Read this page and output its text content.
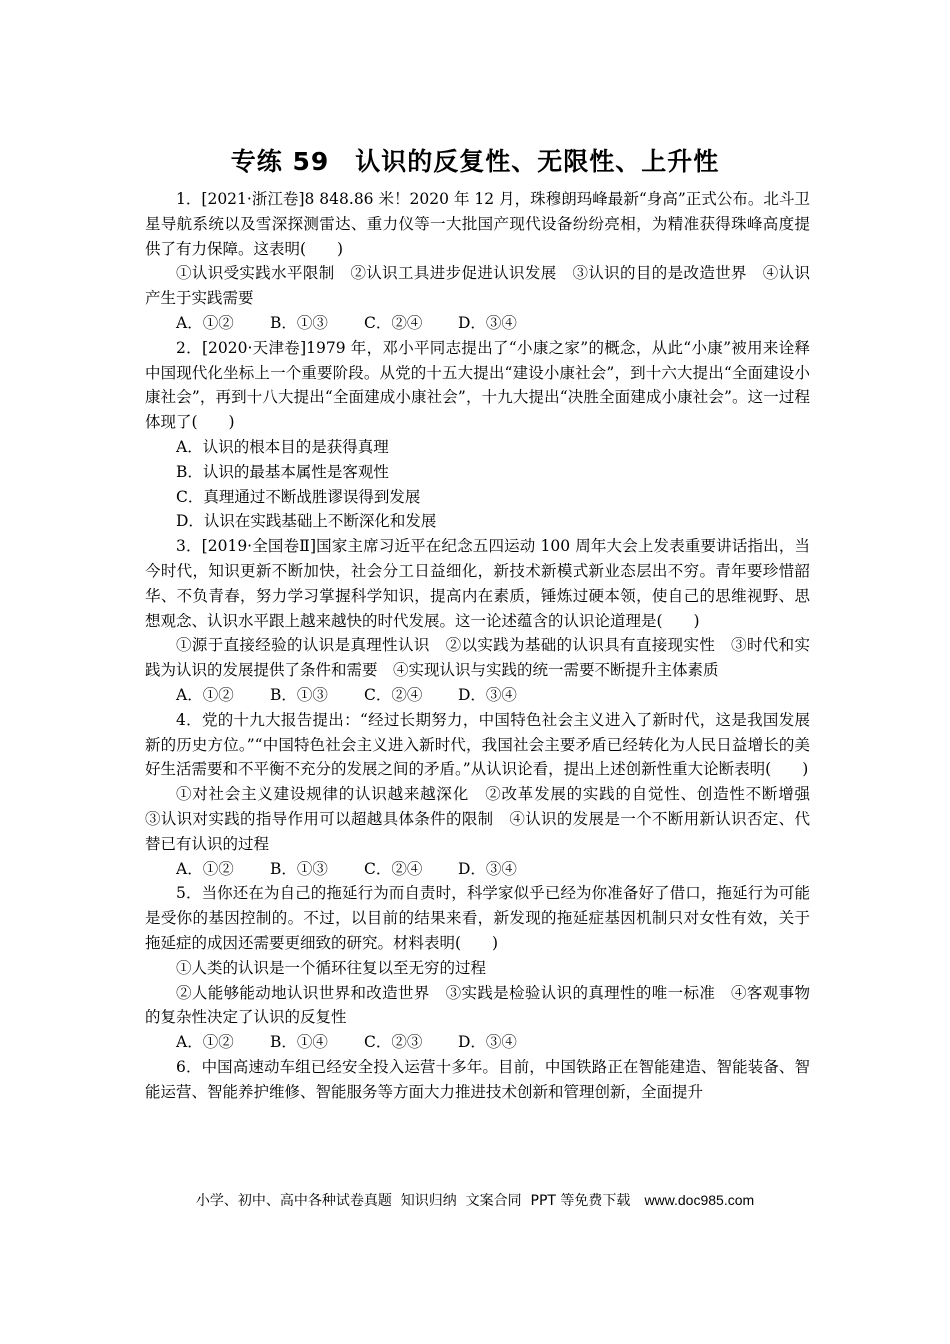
专练 59　认识的反复性、无限性、上升性

1．[2021·浙江卷]8 848.86 米！2020 年 12 月，珠穆朗玛峰最新“身高”正式公布。北斗卫星导航系统以及雪深探测雷达、重力仪等一大批国产现代设备纷纷亮相，为精准获得珠峰高度提供了有力保障。这表明(　　)

①认识受实践水平限制　②认识工具进步促进认识发展　③认识的目的是改造世界　④认识产生于实践需要

A．①②	B．①③	C．②④	D．③④

2．[2020·天津卷]1979 年，邓小平同志提出了“小康之家”的概念，从此“小康”被用来诠释中国现代化坐标上一个重要阶段。从党的十五大提出“建设小康社会”，到十六大提出“全面建设小康社会”，再到十八大提出“全面建成小康社会”，十九大提出“决胜全面建成小康社会”。这一过程体现了(　　)

A．认识的根本目的是获得真理

B．认识的最基本属性是客观性

C．真理通过不断战胜谬误得到发展

D．认识在实践基础上不断深化和发展

3．[2019·全国卷Ⅱ]国家主席习近平在纪念五四运动 100 周年大会上发表重要讲话指出，当今时代，知识更新不断加快，社会分工日益细化，新技术新模式新业态层出不穷。青年要珍惜韶华、不负青春，努力学习掌握科学知识，提高内在素质，锤炼过硬本领，使自己的思维视野、思想观念、认识水平跟上越来越快的时代发展。这一论述蕴含的认识论道理是(　　)

①源于直接经验的认识是真理性认识　②以实践为基础的认识具有直接现实性　③时代和实践为认识的发展提供了条件和需要　④实现认识与实践的统一需要不断提升主体素质

A．①②	B．①③	C．②④	D．③④

4．党的十九大报告提出：“经过长期努力，中国特色社会主义进入了新时代，这是我国发展新的历史方位。”“中国特色社会主义进入新时代，我国社会主要矛盾已经转化为人民日益增长的美好生活需要和不平衡不充分的发展之间的矛盾。”从认识论看，提出上述创新性重大论断表明(　　)

①对社会主义建设规律的认识越来越深化　②改革发展的实践的自觉性、创造性不断增强　③认识对实践的指导作用可以超越具体条件的限制　④认识的发展是一个不断用新认识否定、代替已有认识的过程

A．①②	B．①③	C．②④	D．③④

5．当你还在为自己的拖延行为而自责时，科学家似乎已经为你准备好了借口，拖延行为可能是受你的基因控制的。不过，以目前的结果来看，新发现的拖延症基因机制只对女性有效，关于拖延症的成因还需要更细致的研究。材料表明(　　)

①人类的认识是一个循环往复以至无穷的过程

②人能够能动地认识世界和改造世界　③实践是检验认识的真理性的唯一标准　④客观事物的复杂性决定了认识的反复性

A．①②	B．①④	C．②③	D．③④

6．中国高速动车组已经安全投入运营十多年。目前，中国铁路正在智能建造、智能装备、智能运营、智能养护维修、智能服务等方面大力推进技术创新和管理创新，全面提升

小学、初中、高中各种试卷真题  知识归纳  文案合同  PPT 等免费下载 www.doc985.com
